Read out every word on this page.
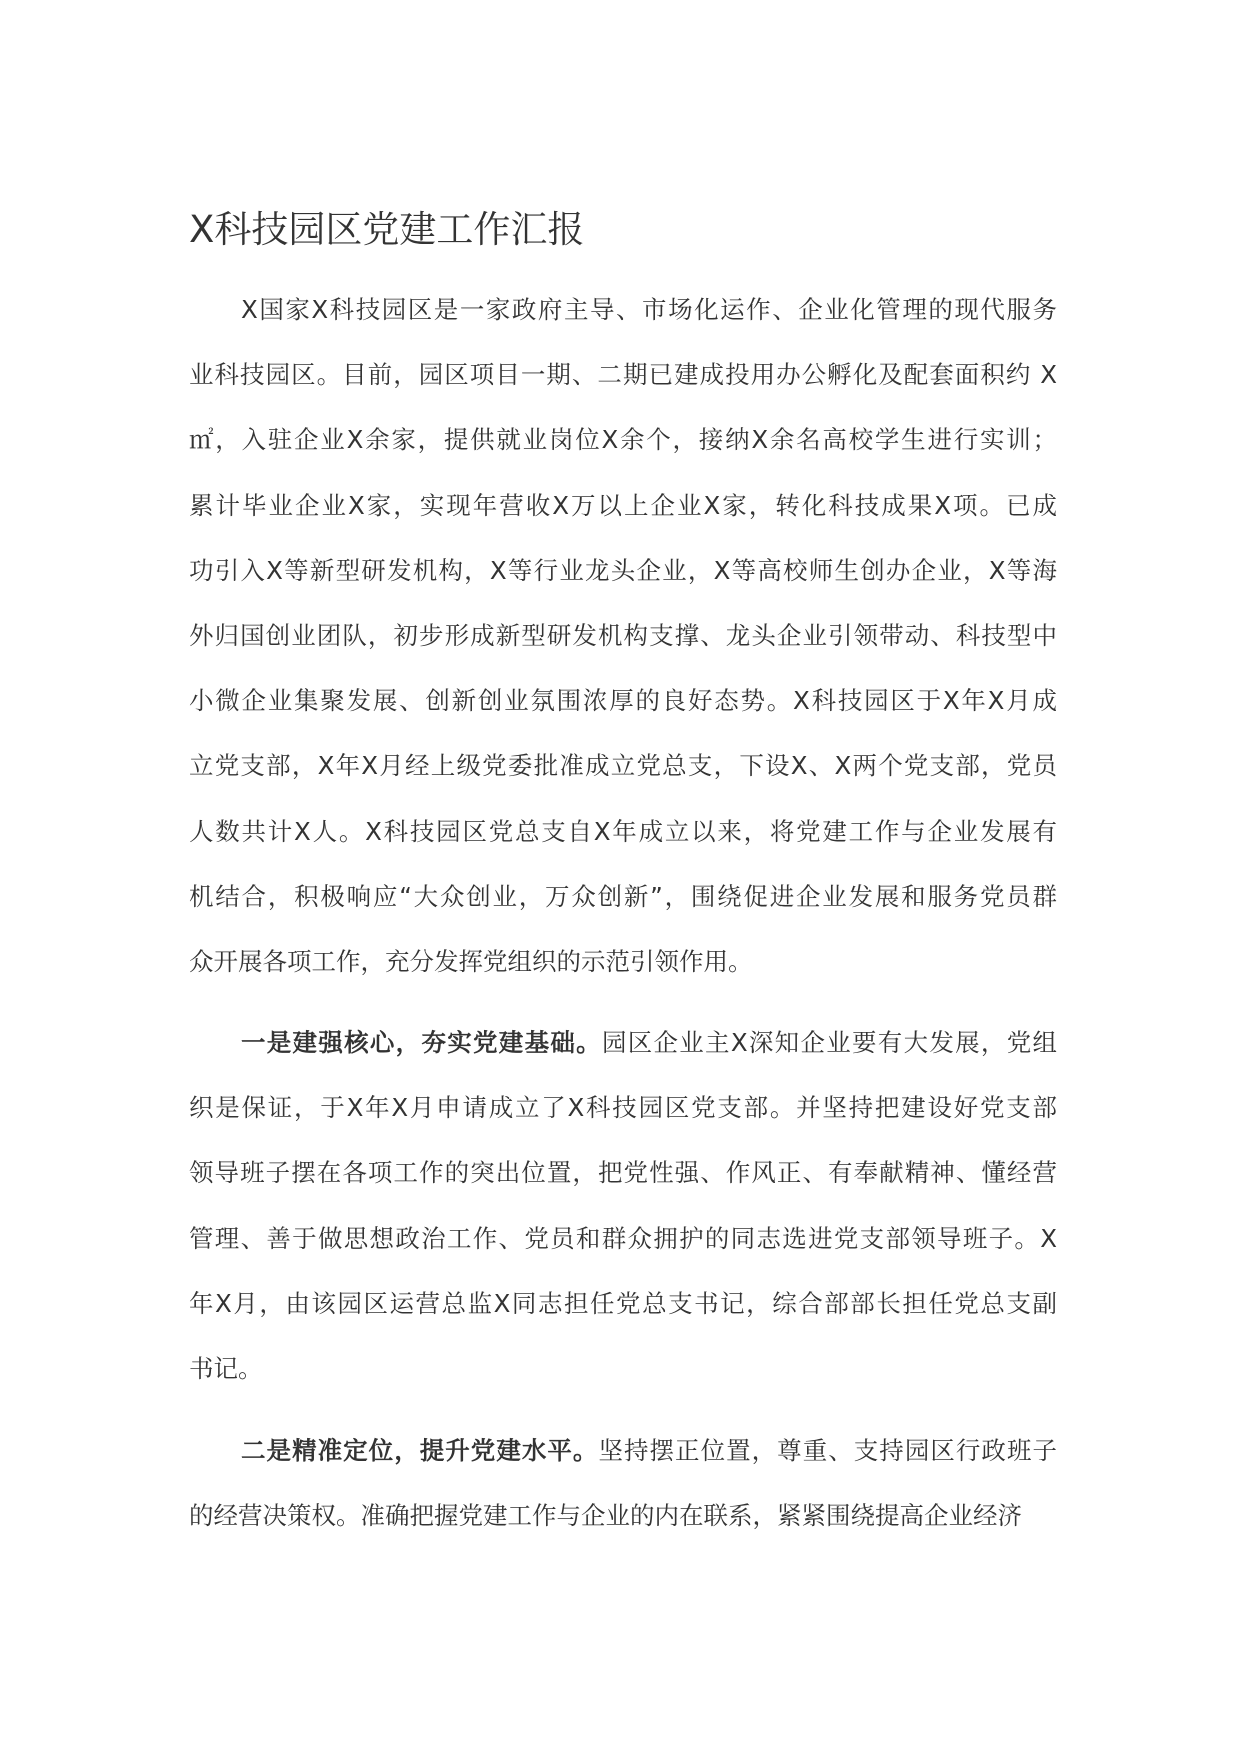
X科技园区党建工作汇报
X国家X科技园区是一家政府主导、市场化运作、企业化管理的现代服务
业科技园区。目前，园区项目一期、二期已建成投用办公孵化及配套面积约 X
㎡，入驻企业X余家，提供就业岗位X余个，接纳X余名高校学生进行实训；
累计毕业企业X家，实现年营收X万以上企业X家，转化科技成果X项。已成
功引入X等新型研发机构，X等行业龙头企业，X等高校师生创办企业，X等海
外归国创业团队，初步形成新型研发机构支撑、龙头企业引领带动、科技型中
小微企业集聚发展、创新创业氛围浓厚的良好态势。X科技园区于X年X月成
立党支部，X年X月经上级党委批准成立党总支，下设X、X两个党支部，党员
人数共计X人。X科技园区党总支自X年成立以来，将党建工作与企业发展有
机结合，积极响应“大众创业，万众创新”，围绕促进企业发展和服务党员群
众开展各项工作，充分发挥党组织的示范引领作用。
一是建强核心，夯实党建基础。园区企业主X深知企业要有大发展，党组
织是保证，于X年X月申请成立了X科技园区党支部。并坚持把建设好党支部
领导班子摆在各项工作的突出位置，把党性强、作风正、有奉献精神、懂经营
管理、善于做思想政治工作、党员和群众拥护的同志选进党支部领导班子。X
年X月，由该园区运营总监X同志担任党总支书记，综合部部长担任党总支副
书记。
二是精准定位，提升党建水平。坚持摆正位置，尊重、支持园区行政班子
的经营决策权。准确把握党建工作与企业的内在联系，紧紧围绕提高企业经济
